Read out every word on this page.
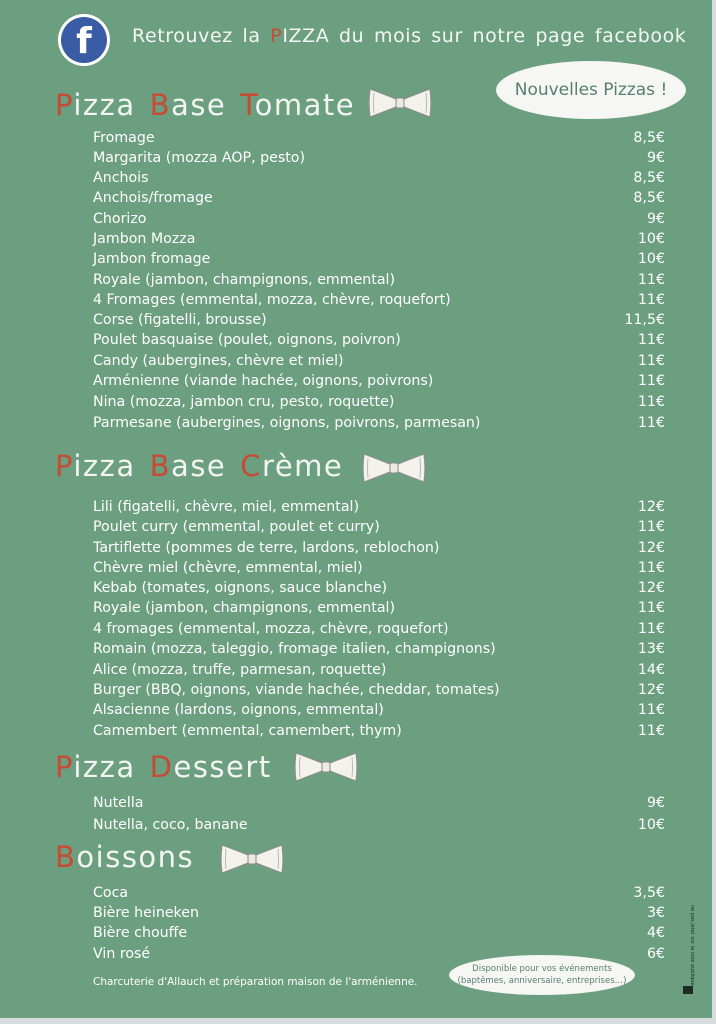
f	Retrouvez la PIZZA du mois sur notre page facebook
Nouvelles Pizzas !
Pizza Base Tomate
Fromage	8,5€
Margarita (mozza AOP, pesto)	9€
Anchois	8,5€
Anchois/fromage	8,5€
Chorizo	9€
Jambon Mozza	10€
Jambon fromage	10€
Royale (jambon, champignons, emmental)	11€
4 Fromages (emmental, mozza, chèvre, roquefort)	11€
Corse (figatelli, brousse)	11,5€
Poulet basquaise (poulet, oignons, poivron)	11€
Candy (aubergines, chèvre et miel)	11€
Arménienne (viande hachée, oignons, poivrons)	11€
Nina (mozza, jambon cru, pesto, roquette)	11€
Parmesane (aubergines, oignons, poivrons, parmesan)	11€
Pizza Base Crème
Lili (figatelli, chèvre, miel, emmental)	12€
Poulet curry (emmental, poulet et curry)	11€
Tartiflette (pommes de terre, lardons, reblochon)	12€
Chèvre miel (chèvre, emmental, miel)	11€
Kebab (tomates, oignons, sauce blanche)	12€
Royale (jambon, champignons, emmental)	11€
4 fromages (emmental, mozza, chèvre, roquefort)	11€
Romain (mozza, taleggio, fromage italien, champignons)	13€
Alice (mozza, truffe, parmesan, roquette)	14€
Burger (BBQ, oignons, viande hachée, cheddar, tomates)	12€
Alsacienne (lardons, oignons, emmental)	11€
Camembert (emmental, camembert, thym)	11€
Pizza Dessert
Nutella	9€
Nutella, coco, banane	10€
Boissons
Coca	3,5€
Bière heineken	3€
Bière chouffe	4€
Vin rosé	6€
Charcuterie d'Allauch et préparation maison de l'arménienne.
Disponible pour vos événements
(baptêmes, anniversaire, entreprises…)	ne pas jeter sur la voie publique
